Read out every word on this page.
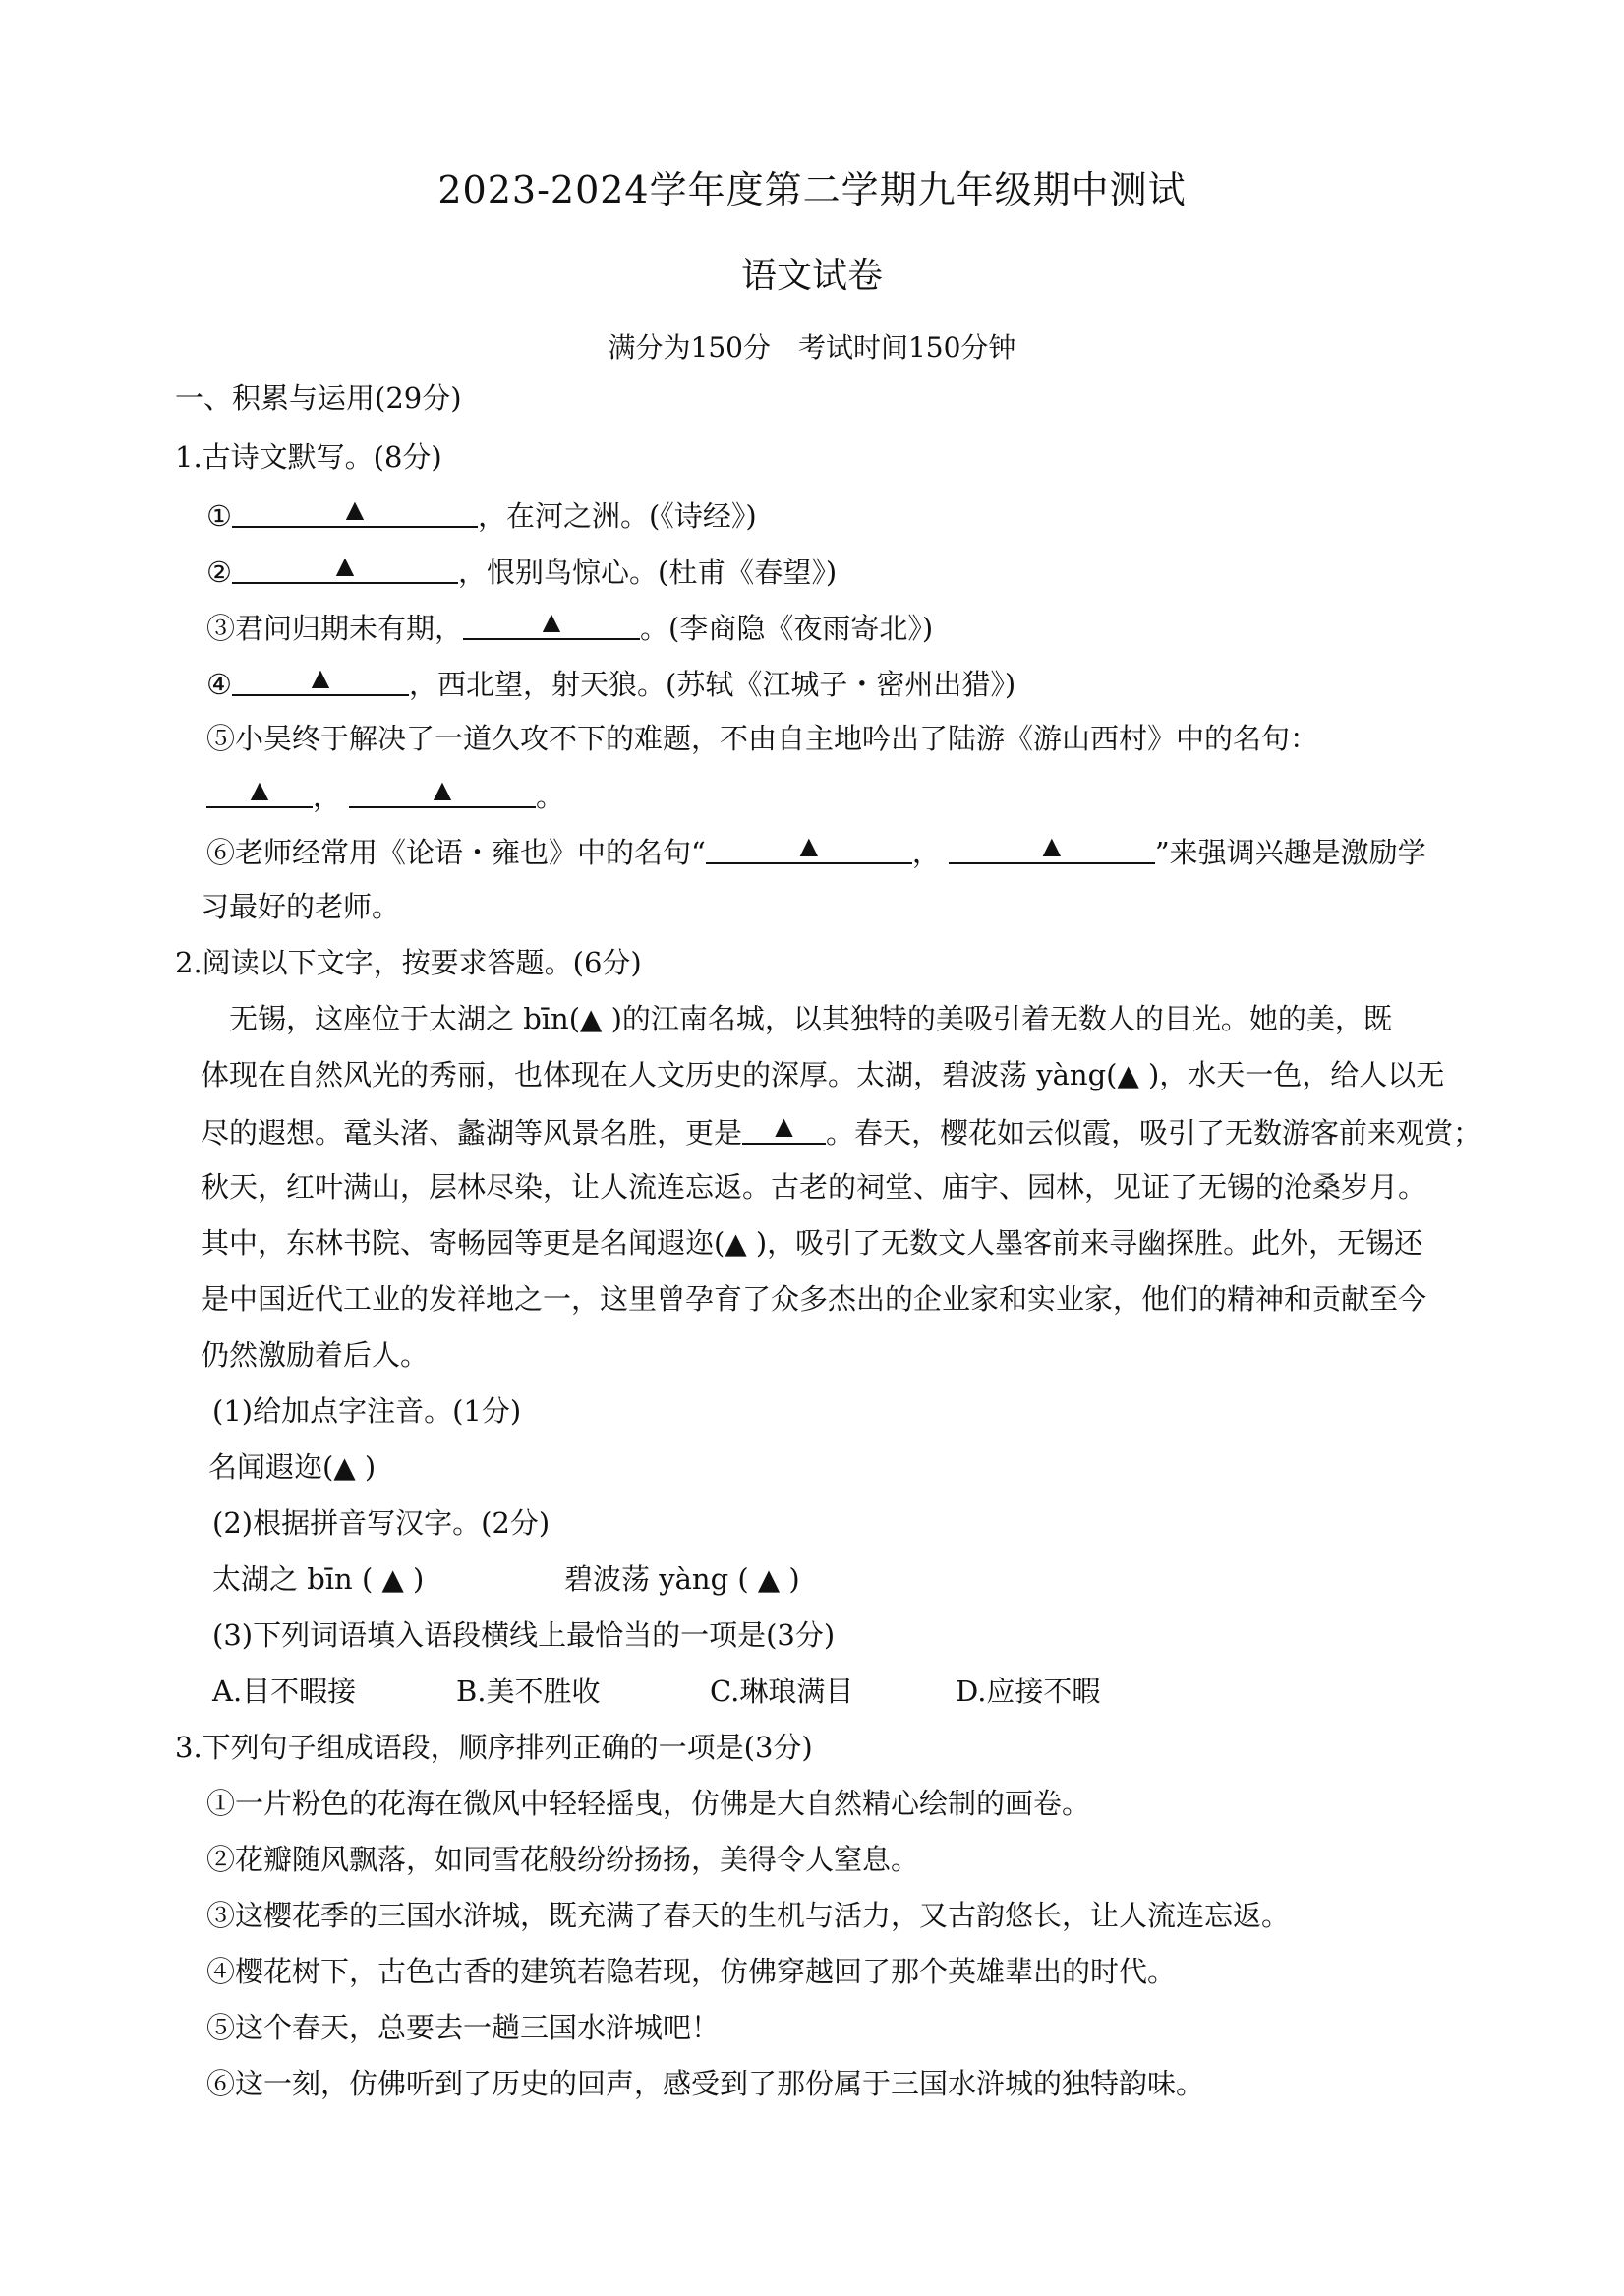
2023-2024学年度第二学期九年级期中测试
语文试卷
满分为150分　考试时间150分钟
一、积累与运用(29分)
1.古诗文默写。(8分)
① ▲	，在河之洲。(《诗经》)
② ▲	，恨别鸟惊心。(杜甫《春望》)
③君问归期未有期， ▲	。(李商隐《夜雨寄北》)
④ ▲	，西北望，射天狼。(苏轼《江城子・密州出猎》)
⑤小吴终于解决了一道久攻不下的难题，不由自主地吟出了陆游《游山西村》中的名句：
▲， ▲	。
⑥老师经常用《论语・雍也》中的名句“ ▲	， ▲	”来强调兴趣是激励学
习最好的老师。
2.阅读以下文字，按要求答题。(6分)
　无锡，这座位于太湖之 bīn(▲ )的江南名城，以其独特的美吸引着无数人的目光。她的美，既
体现在自然风光的秀丽，也体现在人文历史的深厚。太湖，碧波荡 yàng(▲ )，水天一色，给人以无
尽的遐想。鼋头渚、蠡湖等风景名胜，更是 ▲	。春天，樱花如云似霞，吸引了无数游客前来观赏；
秋天，红叶满山，层林尽染，让人流连忘返。古老的祠堂、庙宇、园林，见证了无锡的沧桑岁月。
其中，东林书院、寄畅园等更是名闻遐迩(▲ )，吸引了无数文人墨客前来寻幽探胜。此外，无锡还
是中国近代工业的发祥地之一，这里曾孕育了众多杰出的企业家和实业家，他们的精神和贡献至今
仍然激励着后人。
(1)给加点字注音。(1分)
名闻遐迩(▲ )
(2)根据拼音写汉字。(2分)
太湖之 bīn ( ▲ )	碧波荡 yàng ( ▲ )
(3)下列词语填入语段横线上最恰当的一项是(3分)
A.目不暇接	B.美不胜收	C.琳琅满目	D.应接不暇
3.下列句子组成语段，顺序排列正确的一项是(3分)
①一片粉色的花海在微风中轻轻摇曳，仿佛是大自然精心绘制的画卷。
②花瓣随风飘落，如同雪花般纷纷扬扬，美得令人窒息。
③这樱花季的三国水浒城，既充满了春天的生机与活力，又古韵悠长，让人流连忘返。
④樱花树下，古色古香的建筑若隐若现，仿佛穿越回了那个英雄辈出的时代。
⑤这个春天，总要去一趟三国水浒城吧！
⑥这一刻，仿佛听到了历史的回声，感受到了那份属于三国水浒城的独特韵味。
